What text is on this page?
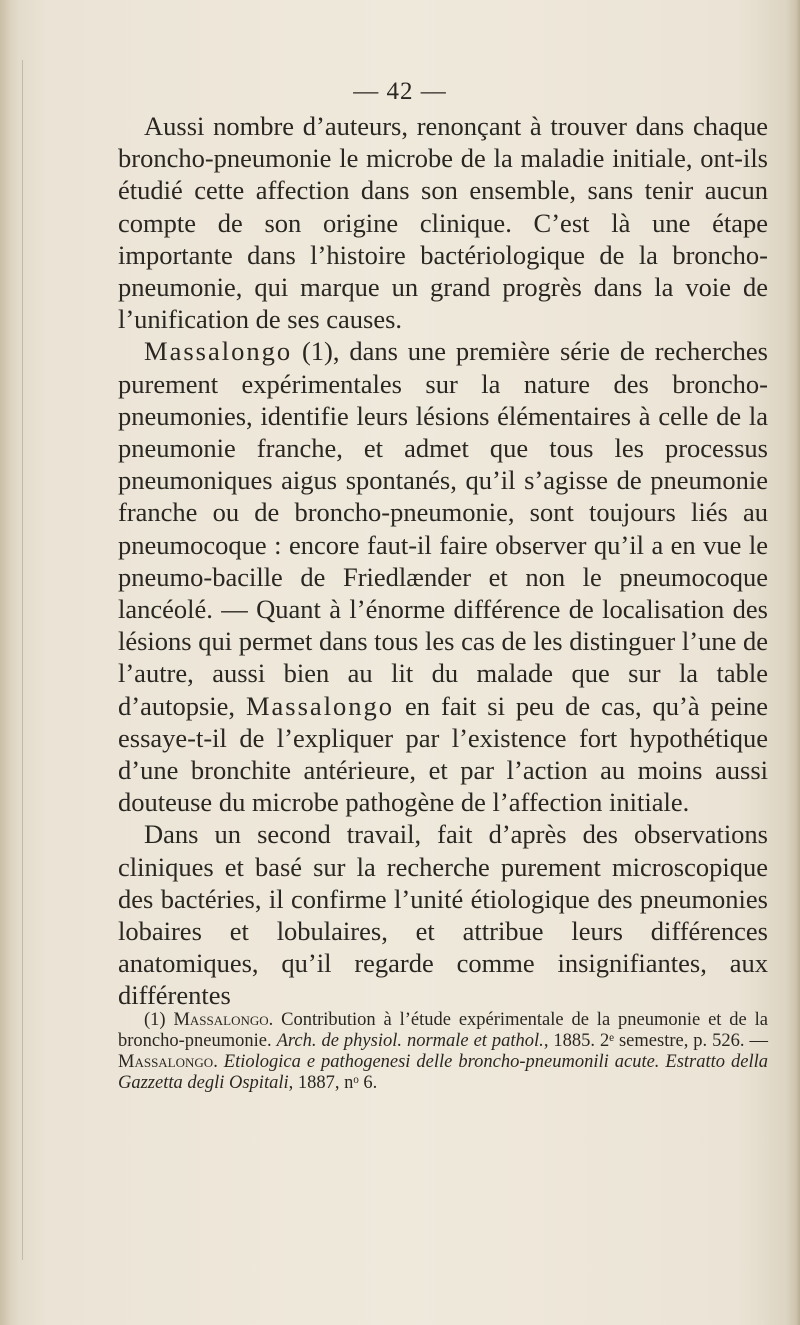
— 42 —

Aussi nombre d’auteurs, renonçant à trouver dans chaque broncho-pneumonie le microbe de la maladie initiale, ont-ils étudié cette affection dans son ensemble, sans tenir aucun compte de son origine clinique. C’est là une étape importante dans l’histoire bactériologique de la broncho-pneumonie, qui marque un grand progrès dans la voie de l’unification de ses causes.

Massalongo (1), dans une première série de recherches purement expérimentales sur la nature des broncho-pneumonies, identifie leurs lésions élémentaires à celle de la pneumonie franche, et admet que tous les processus pneumoniques aigus spontanés, qu’il s’agisse de pneumonie franche ou de broncho-pneumonie, sont toujours liés au pneumocoque : encore faut-il faire observer qu’il a en vue le pneumo-bacille de Friedlænder et non le pneumocoque lancéolé. — Quant à l’énorme différence de localisation des lésions qui permet dans tous les cas de les distinguer l’une de l’autre, aussi bien au lit du malade que sur la table d’autopsie, Massalongo en fait si peu de cas, qu’à peine essaye-t-il de l’expliquer par l’existence fort hypothétique d’une bronchite antérieure, et par l’action au moins aussi douteuse du microbe pathogène de l’affection initiale.

Dans un second travail, fait d’après des observations cliniques et basé sur la recherche purement microscopique des bactéries, il confirme l’unité étiologique des pneumonies lobaires et lobulaires, et attribue leurs différences anatomiques, qu’il regarde comme insignifiantes, aux différentes

(1) Massalongo. Contribution à l’étude expérimentale de la pneumonie et de la broncho-pneumonie. Arch. de physiol. normale et pathol., 1885. 2ᵉ semestre, p. 526. — Massalongo. Etiologica e pathogenesi delle broncho-pneumonili acute. Estratto della Gazzetta degli Ospitali, 1887, nᵒ 6.
